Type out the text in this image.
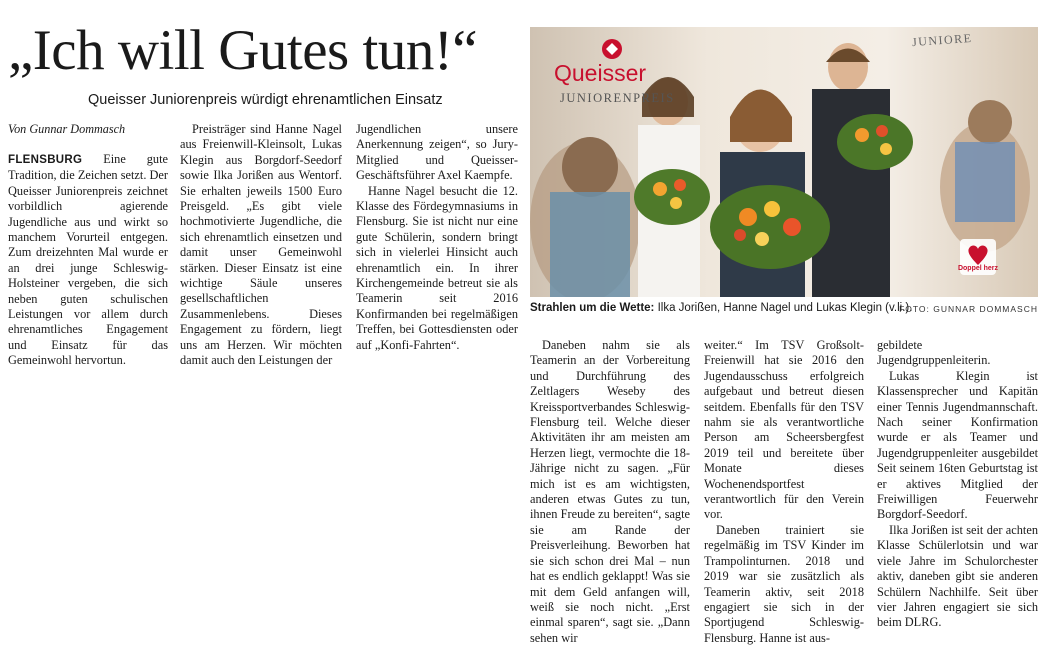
„Ich will Gutes tun!“
Queisser Juniorenpreis würdigt ehrenamtlichen Einsatz
Von Gunnar Dommasch

FLENSBURG Eine gute Tradition, die Zeichen setzt. Der Queisser Juniorenpreis zeichnet vorbildlich agierende Jugendliche aus und wirkt so manchem Vorurteil entgegen. Zum dreizehnten Mal wurde er an drei junge Schleswig-Holsteiner vergeben, die sich neben guten schulischen Leistungen vor allem durch ehrenamtliches Engagement und Einsatz für das Gemeinwohl hervortun.

Preisträger sind Hanne Nagel aus Freienwill-Kleinsolt, Lukas Klegin aus Borgdorf-Seedorf sowie Ilka Jorißen aus Wentorf. Sie erhalten jeweils 1500 Euro Preisgeld. „Es gibt viele hochmotivierte Jugendliche, die sich ehrenamtlich einsetzen und damit unser Gemeinwohl stärken. Dieser Einsatz ist eine wichtige Säule unseres gesellschaftlichen Zusammenlebens. Dieses Engagement zu fördern, liegt uns am Herzen. Wir möchten damit auch den Leistungen der

Jugendlichen unsere Anerkennung zeigen“, so Jury-Mitglied und Queisser-Geschäftsführer Axel Kaempfe.

Hanne Nagel besucht die 12. Klasse des Fördegymnasiums in Flensburg. Sie ist nicht nur eine gute Schülerin, sondern bringt sich in vielerlei Hinsicht auch ehrenamtlich ein. In ihrer Kirchengemeinde betreut sie als Teamerin seit 2016 Konfirmanden bei regelmäßigen Treffen, bei Gottesdiensten oder auf „Konfi-Fahrten“.

Queisser
JUNIORENPREIS
JUNIORE
Doppel herz
Strahlen um die Wette: Ilka Jorißen, Hanne Nagel und Lukas Klegin (v.li.).
FOTO: GUNNAR DOMMASCH

Daneben nahm sie als Teamerin an der Vorbereitung und Durchführung des Zeltlagers Weseby des Kreissportverbandes Schleswig-Flensburg teil. Welche dieser Aktivitäten ihr am meisten am Herzen liegt, vermochte die 18-Jährige nicht zu sagen. „Für mich ist es am wichtigsten, anderen etwas Gutes zu tun, ihnen Freude zu bereiten“, sagte sie am Rande der Preisverleihung. Beworben hat sie sich schon drei Mal – nun hat es endlich geklappt! Was sie mit dem Geld anfangen will, weiß sie noch nicht. „Erst einmal sparen“, sagt sie. „Dann sehen wir

weiter.“ Im TSV Großsolt-Freienwill hat sie 2016 den Jugendausschuss erfolgreich aufgebaut und betreut diesen seitdem. Ebenfalls für den TSV nahm sie als verantwortliche Person am Scheersbergfest 2019 teil und bereitete über Monate dieses Wochenendsportfest verantwortlich für den Verein vor.

Daneben trainiert sie regelmäßig im TSV Kinder im Trampolinturnen. 2018 und 2019 war sie zusätzlich als Teamerin aktiv, seit 2018 engagiert sie sich in der Sportjugend Schleswig-Flensburg. Hanne ist aus-

gebildete Jugendgruppenleiterin.

Lukas Klegin ist Klassensprecher und Kapitän einer Tennis Jugendmannschaft. Nach seiner Konfirmation wurde er als Teamer und Jugendgruppenleiter ausgebildet Seit seinem 16ten Geburtstag ist er aktives Mitglied der Freiwilligen Feuerwehr Borgdorf-Seedorf.

Ilka Jorißen ist seit der achten Klasse Schülerlotsin und war viele Jahre im Schulorchester aktiv, daneben gibt sie anderen Schülern Nachhilfe. Seit über vier Jahren engagiert sie sich beim DLRG.
